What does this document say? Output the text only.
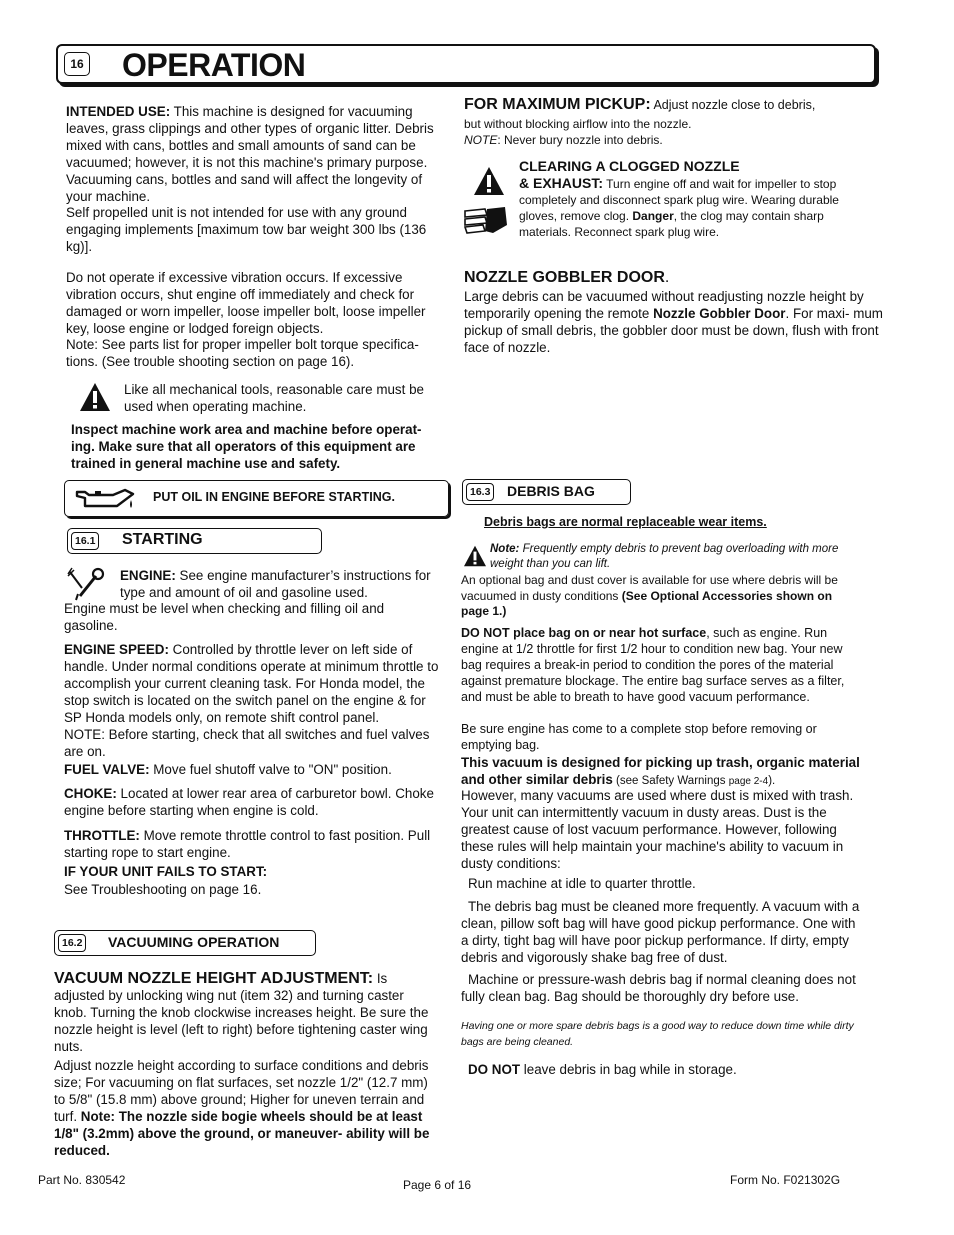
16 OPERATION
INTENDED USE: This machine is designed for vacuuming leaves, grass clippings and other types of organic litter. Debris mixed with cans, bottles and small amounts of sand can be vacuumed; however, it is not this machine's primary purpose. Vacuuming cans, bottles and sand will affect the longevity of your machine.
Self propelled unit is not intended for use with any ground engaging implements [maximum tow bar weight 300 lbs (136 kg)].
Do not operate if excessive vibration occurs. If excessive vibration occurs, shut engine off immediately and check for damaged or worn impeller, loose impeller bolt, loose impeller key, loose engine or lodged foreign objects.
Note: See parts list for proper impeller bolt torque specifica- tions. (See trouble shooting section on page 16).
Like all mechanical tools, reasonable care must be used when operating machine.
Inspect machine work area and machine before operat- ing. Make sure that all operators of this equipment are trained in general machine use and safety.
PUT OIL IN ENGINE BEFORE STARTING.
16.1 STARTING
ENGINE: See engine manufacturer’s instructions for type and amount of oil and gasoline used.
Engine must be level when checking and filling oil and gasoline.
ENGINE SPEED: Controlled by throttle lever on left side of handle. Under normal conditions operate at minimum throttle to accomplish your current cleaning task. For Honda model, the stop switch is located on the switch panel on the engine & for SP Honda models only, on remote shift control panel.
NOTE: Before starting, check that all switches and fuel valves are on.
FUEL VALVE: Move fuel shutoff valve to "ON" position.
CHOKE: Located at lower rear area of carburetor bowl. Choke engine before starting when engine is cold.
THROTTLE: Move remote throttle control to fast position. Pull starting rope to start engine.
IF YOUR UNIT FAILS TO START:
See Troubleshooting on page 16.
16.2 VACUUMING OPERATION
VACUUM NOZZLE HEIGHT ADJUSTMENT: Is adjusted by unlocking wing nut (item 32) and turning caster knob. Turning the knob clockwise increases height. Be sure the nozzle height is level (left to right) before tightening caster wing nuts.
Adjust nozzle height according to surface conditions and debris size; For vacuuming on flat surfaces, set nozzle 1/2" (12.7 mm) to 5/8" (15.8 mm) above ground; Higher for uneven terrain and turf. Note: The nozzle side bogie wheels should be at least 1/8" (3.2mm) above the ground, or maneuver- ability will be reduced.
FOR MAXIMUM PICKUP: Adjust nozzle close to debris,
but without blocking airflow into the nozzle.
NOTE: Never bury nozzle into debris.
CLEARING A CLOGGED NOZZLE
& EXHAUST: Turn engine off and wait for impeller to stop completely and disconnect spark plug wire. Wearing durable gloves, remove clog. Danger, the clog may contain sharp materials. Reconnect spark plug wire.
NOZZLE GOBBLER DOOR.
Large debris can be vacuumed without readjusting nozzle height by temporarily opening the remote Nozzle Gobbler Door. For maxi- mum pickup of small debris, the gobbler door must be down, flush with front face of nozzle.
16.3 DEBRIS BAG
Debris bags are normal replaceable wear items.
Note: Frequently empty debris to prevent bag overloading with more weight than you can lift.
An optional bag and dust cover is available for use where debris will be vacuumed in dusty conditions (See Optional Accessories shown on page 1.)
DO NOT place bag on or near hot surface, such as engine. Run engine at 1/2 throttle for first 1/2 hour to condition new bag. Your new bag requires a break-in period to condition the pores of the material against premature blockage. The entire bag surface serves as a filter, and must be able to breath to have good vacuum performance.
Be sure engine has come to a complete stop before removing or emptying bag.
This vacuum is designed for picking up trash, organic material and other similar debris (see Safety Warnings page 2-4).
However, many vacuums are used where dust is mixed with trash. Your unit can intermittently vacuum in dusty areas. Dust is the greatest cause of lost vacuum performance. However, following these rules will help maintain your machine's ability to vacuum in dusty conditions:
Run machine at idle to quarter throttle.
The debris bag must be cleaned more frequently. A vacuum with a clean, pillow soft bag will have good pickup performance. One with a dirty, tight bag will have poor pickup performance. If dirty, empty debris and vigorously shake bag free of dust.
Machine or pressure-wash debris bag if normal cleaning does not fully clean bag. Bag should be thoroughly dry before use.
Having one or more spare debris bags is a good way to reduce down time while dirty bags are being cleaned.
DO NOT leave debris in bag while in storage.
Part No. 830542	Page 6 of 16	Form No. F021302G
